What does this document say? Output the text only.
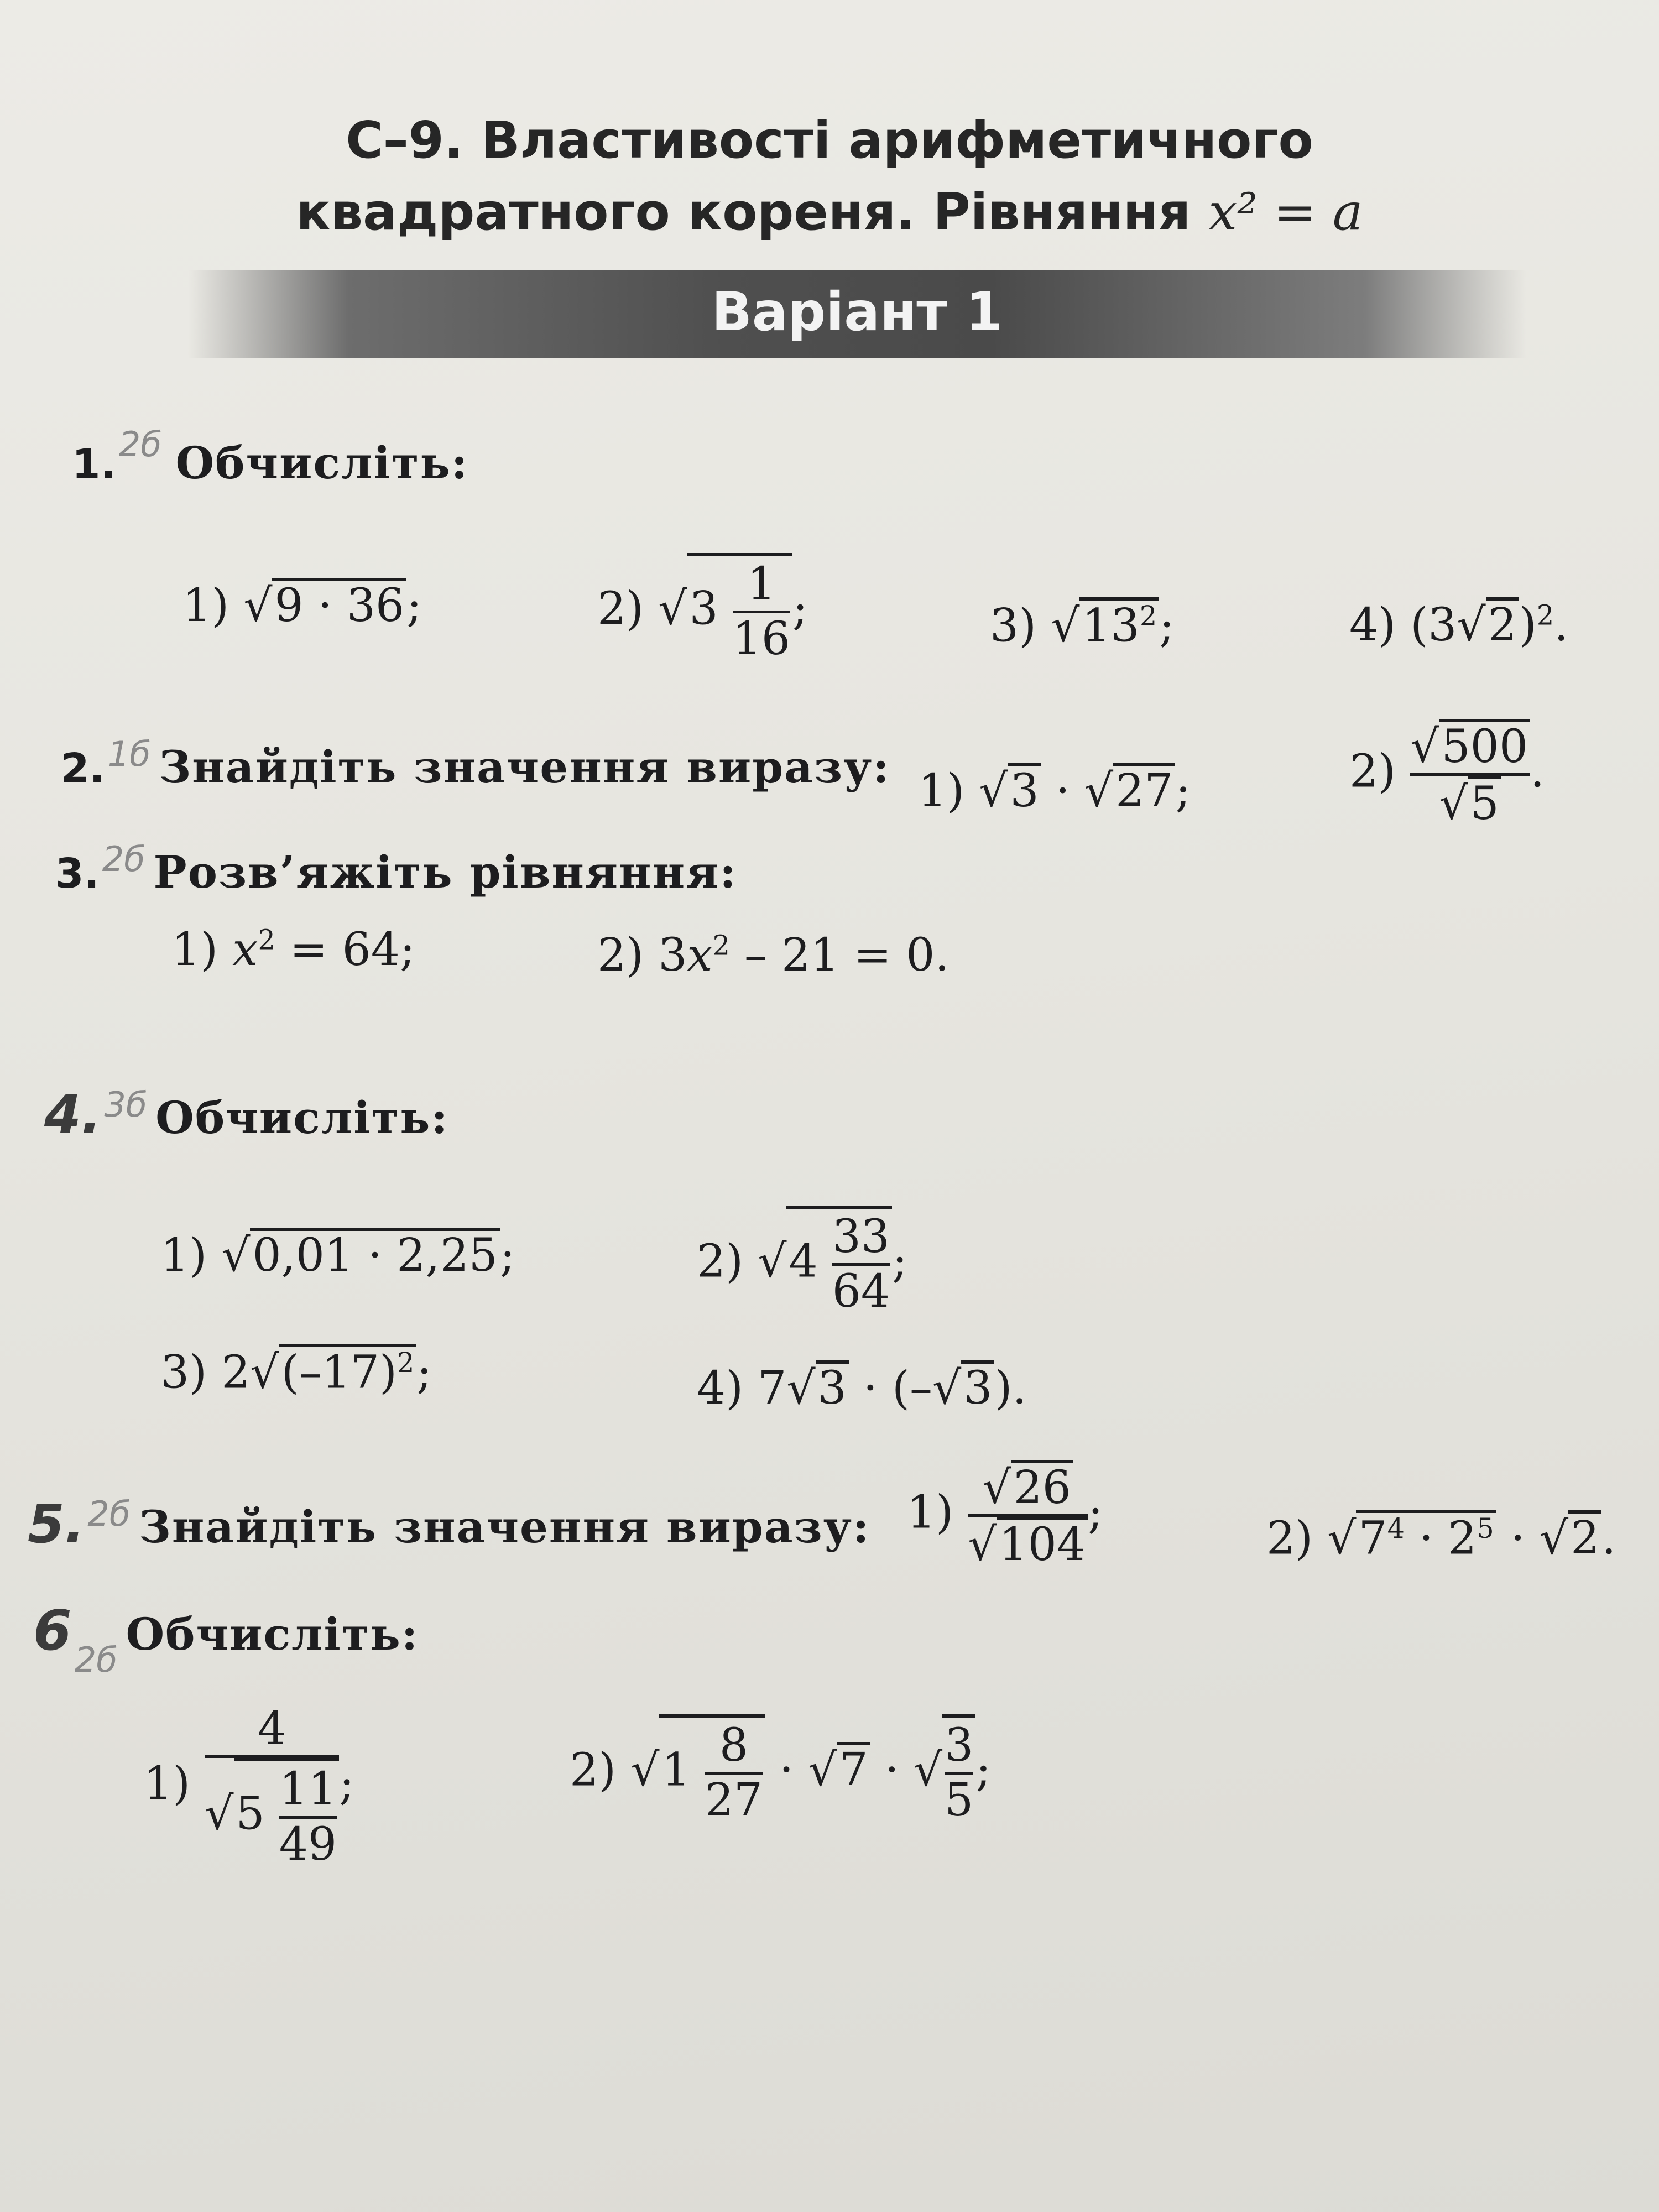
С–9. Властивості арифметичного
квадратного кореня. Рівняння x² = a
Варіант 1
1. 2б Обчисліть:
1) √9 · 36;	2) $√3 \frac{1}{16}$ ;	3) $√13^2$;	4) $(3√2)^2$.
2. 1б Знайдіть значення виразу: 1) √3 · √27;	$2) \frac{√500}{√5}$ .
3. 2б Розв’яжіть рівняння:
1) $x^2 = 64$;	2) $3x^2 - 21 = 0$.
4. 3б Обчисліть:
1) √0,01 · 2,25;	2) $√4 \frac{33}{64}$ ;
3) $2√(-17)^2$;	4) 7√3 · (–√3).
5. 2б Знайдіть значення виразу: $1) \frac{√26}{√104}$ ;	2) $√7^4 \cdot 2^5 \cdot √2$.
6 2б Обчисліть:
$1) \frac{4}{√5 \frac{11}{49}}$ ;	2) $√1 \frac{8}{27} \cdot √7$ · √ $\frac{3}{5}$ ;
